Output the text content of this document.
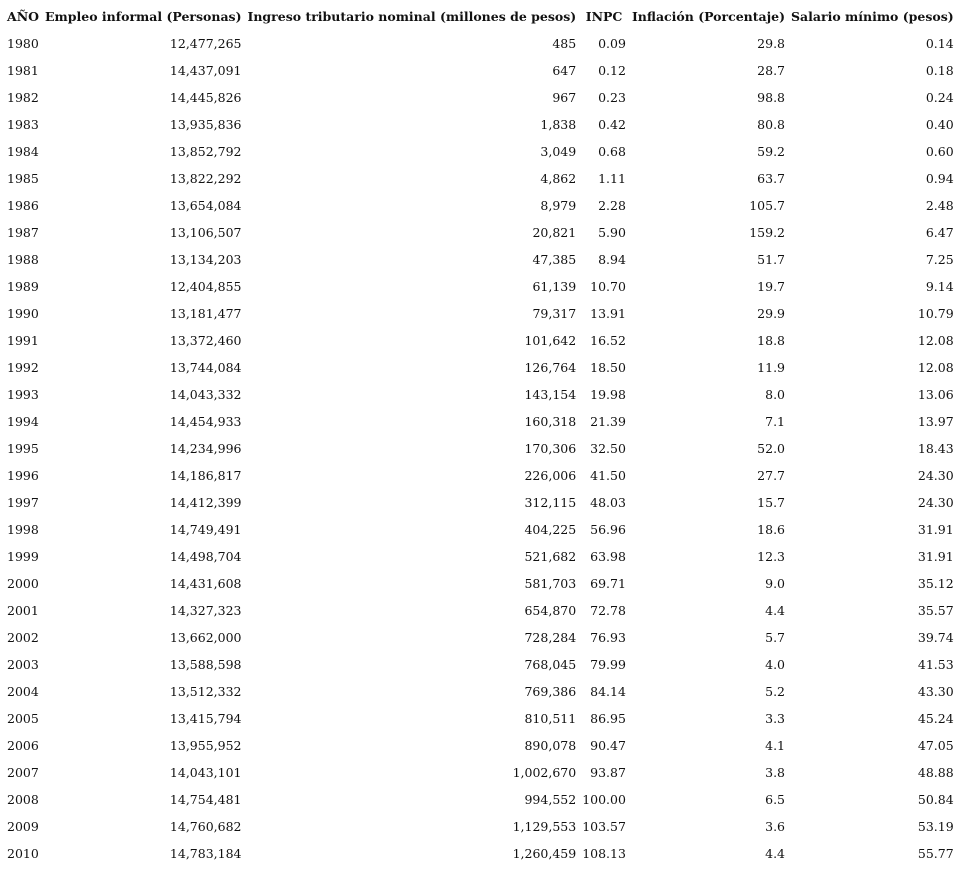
AÑO	Empleo informal (Personas)	Ingreso tributario nominal (millones de pesos)	INPC	Inflación (Porcentaje)	Salario mínimo (pesos)
1980	12,477,265	485	0.09	29.8	0.14
1981	14,437,091	647	0.12	28.7	0.18
1982	14,445,826	967	0.23	98.8	0.24
1983	13,935,836	1,838	0.42	80.8	0.40
1984	13,852,792	3,049	0.68	59.2	0.60
1985	13,822,292	4,862	1.11	63.7	0.94
1986	13,654,084	8,979	2.28	105.7	2.48
1987	13,106,507	20,821	5.90	159.2	6.47
1988	13,134,203	47,385	8.94	51.7	7.25
1989	12,404,855	61,139	10.70	19.7	9.14
1990	13,181,477	79,317	13.91	29.9	10.79
1991	13,372,460	101,642	16.52	18.8	12.08
1992	13,744,084	126,764	18.50	11.9	12.08
1993	14,043,332	143,154	19.98	8.0	13.06
1994	14,454,933	160,318	21.39	7.1	13.97
1995	14,234,996	170,306	32.50	52.0	18.43
1996	14,186,817	226,006	41.50	27.7	24.30
1997	14,412,399	312,115	48.03	15.7	24.30
1998	14,749,491	404,225	56.96	18.6	31.91
1999	14,498,704	521,682	63.98	12.3	31.91
2000	14,431,608	581,703	69.71	9.0	35.12
2001	14,327,323	654,870	72.78	4.4	35.57
2002	13,662,000	728,284	76.93	5.7	39.74
2003	13,588,598	768,045	79.99	4.0	41.53
2004	13,512,332	769,386	84.14	5.2	43.30
2005	13,415,794	810,511	86.95	3.3	45.24
2006	13,955,952	890,078	90.47	4.1	47.05
2007	14,043,101	1,002,670	93.87	3.8	48.88
2008	14,754,481	994,552	100.00	6.5	50.84
2009	14,760,682	1,129,553	103.57	3.6	53.19
2010	14,783,184	1,260,459	108.13	4.4	55.77
